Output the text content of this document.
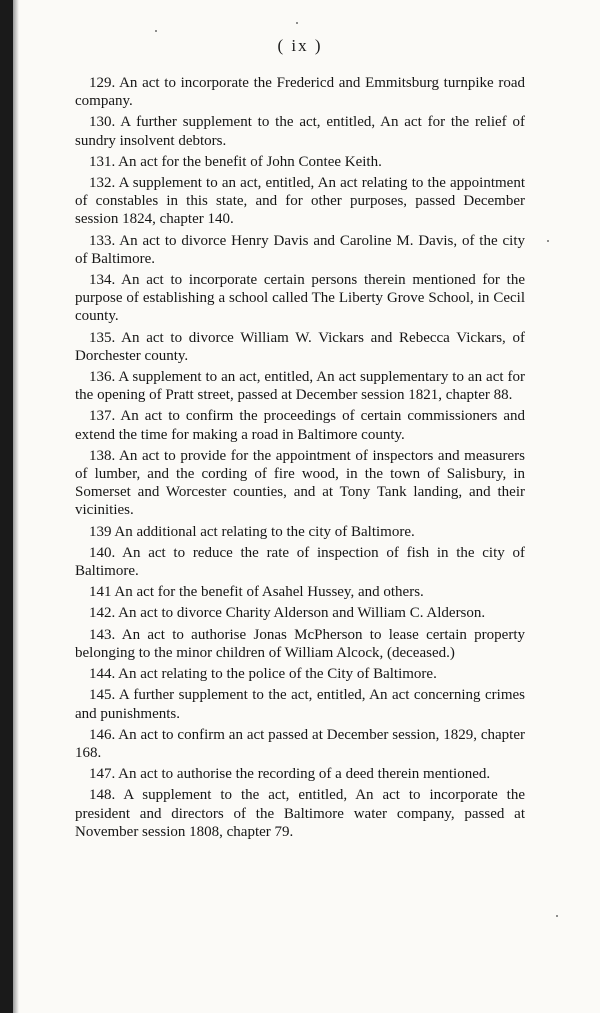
( ix )

129. An act to incorporate the Fredericd and Emmitsburg turnpike road company.
130. A further supplement to the act, entitled, An act for the relief of sundry insolvent debtors.
131. An act for the benefit of John Contee Keith.
132. A supplement to an act, entitled, An act relating to the appointment of constables in this state, and for other purposes, passed December session 1824, chapter 140.
133. An act to divorce Henry Davis and Caroline M. Davis, of the city of Baltimore.
134. An act to incorporate certain persons therein mentioned for the purpose of establishing a school called The Liberty Grove School, in Cecil county.
135. An act to divorce William W. Vickars and Rebecca Vickars, of Dorchester county.
136. A supplement to an act, entitled, An act supplementary to an act for the opening of Pratt street, passed at December session 1821, chapter 88.
137. An act to confirm the proceedings of certain commissioners and extend the time for making a road in Baltimore county.
138. An act to provide for the appointment of inspectors and measurers of lumber, and the cording of fire wood, in the town of Salisbury, in Somerset and Worcester counties, and at Tony Tank landing, and their vicinities.
139 An additional act relating to the city of Baltimore.
140. An act to reduce the rate of inspection of fish in the city of Baltimore.
141 An act for the benefit of Asahel Hussey, and others.
142. An act to divorce Charity Alderson and William C. Alderson.
143. An act to authorise Jonas McPherson to lease certain property belonging to the minor children of William Alcock, (deceased.)
144. An act relating to the police of the City of Baltimore.
145. A further supplement to the act, entitled, An act concerning crimes and punishments.
146. An act to confirm an act passed at December session, 1829, chapter 168.
147. An act to authorise the recording of a deed therein mentioned.
148. A supplement to the act, entitled, An act to incorporate the president and directors of the Baltimore water company, passed at November session 1808, chapter 79.
